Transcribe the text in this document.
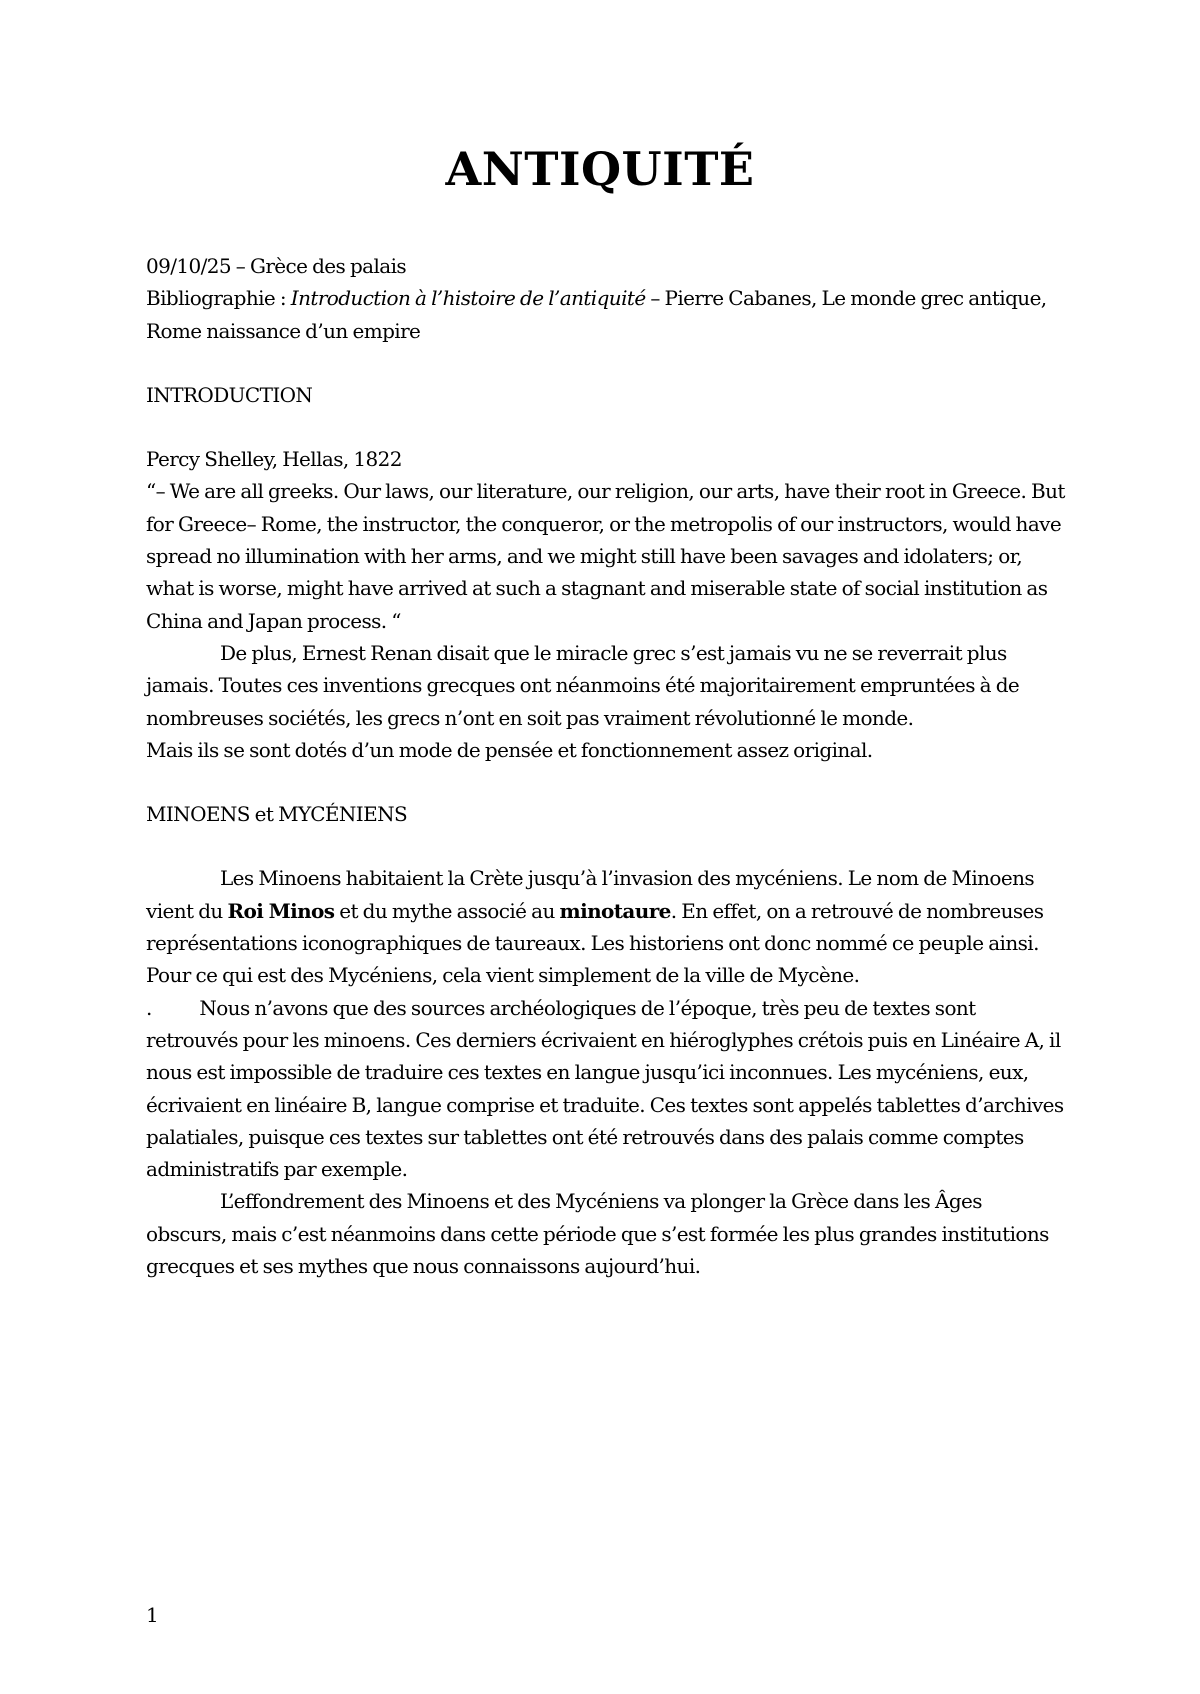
ANTIQUITÉ

09/10/25 – Grèce des palais

Bibliographie : Introduction à l’histoire de l’antiquité – Pierre Cabanes, Le monde grec antique, Rome naissance d’un empire

INTRODUCTION

Percy Shelley, Hellas, 1822

“– We are all greeks. Our laws, our literature, our religion, our arts, have their root in Greece. But for Greece– Rome, the instructor, the conqueror, or the metropolis of our instructors, would have spread no illumination with her arms, and we might still have been savages and idolaters; or, what is worse, might have arrived at such a stagnant and miserable state of social institution as China and Japan process. “

De plus, Ernest Renan disait que le miracle grec s’est jamais vu ne se reverrait plus jamais. Toutes ces inventions grecques ont néanmoins été majoritairement empruntées à de nombreuses sociétés, les grecs n’ont en soit pas vraiment révolutionné le monde.

Mais ils se sont dotés d’un mode de pensée et fonctionnement assez original.

MINOENS et MYCÉNIENS

Les Minoens habitaient la Crète jusqu’à l’invasion des mycéniens. Le nom de Minoens vient du Roi Minos et du mythe associé au minotaure. En effet, on a retrouvé de nombreuses représentations iconographiques de taureaux. Les historiens ont donc nommé ce peuple ainsi. Pour ce qui est des Mycéniens, cela vient simplement de la ville de Mycène.

.          Nous n’avons que des sources archéologiques de l’époque, très peu de textes sont retrouvés pour les minoens. Ces derniers écrivaient en hiéroglyphes crétois puis en Linéaire A, il nous est impossible de traduire ces textes en langue jusqu’ici inconnues. Les mycéniens, eux, écrivaient en linéaire B, langue comprise et traduite. Ces textes sont appelés tablettes d’archives palatiales, puisque ces textes sur tablettes ont été retrouvés dans des palais comme comptes administratifs par exemple.

L’effondrement des Minoens et des Mycéniens va plonger la Grèce dans les Âges obscurs, mais c’est néanmoins dans cette période que s’est formée les plus grandes institutions grecques et ses mythes que nous connaissons aujourd’hui.

1
